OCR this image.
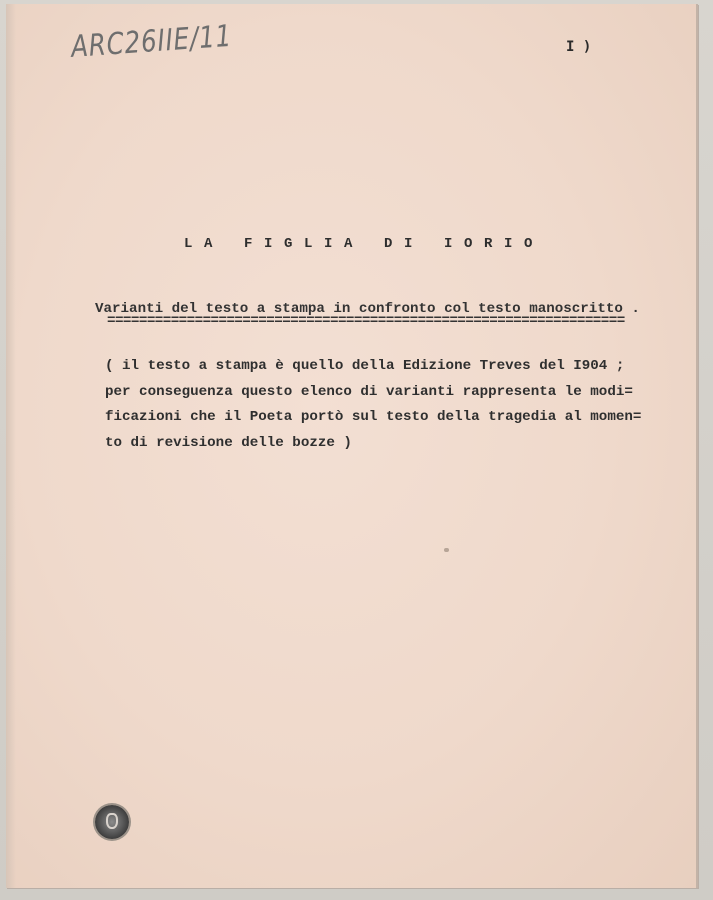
ARC26IIE/11	I )
LA FIGLIA DI IORIO
Varianti del testo a stampa in confronto col testo manoscritto .
=================================================================

( il testo a stampa è quello della Edizione Treves del I904 ;
per conseguenza questo elenco di varianti rappresenta le modi=
ficazioni che il Poeta portò sul testo della tragedia al momen=
to di revisione delle bozze )
